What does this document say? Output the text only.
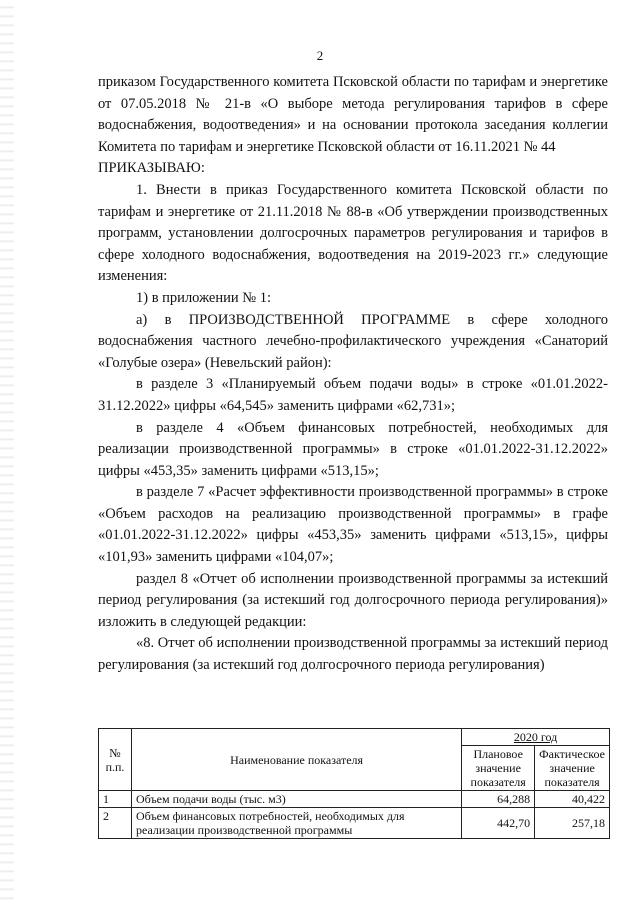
2

приказом Государственного комитета Псковской области по тарифам и энергетике от 07.05.2018 № 21-в «О выборе метода регулирования тарифов в сфере водоснабжения, водоотведения» и на основании протокола заседания коллегии Комитета по тарифам и энергетике Псковской области от 16.11.2021 № 44

ПРИКАЗЫВАЮ:

1. Внести в приказ Государственного комитета Псковской области по тарифам и энергетике от 21.11.2018 № 88-в «Об утверждении производственных программ, установлении долгосрочных параметров регулирования и тарифов в сфере холодного водоснабжения, водоотведения на 2019-2023 гг.» следующие изменения:

1) в приложении № 1:

а) в ПРОИЗВОДСТВЕННОЙ ПРОГРАММЕ в сфере холодного водоснабжения частного лечебно-профилактического учреждения «Санаторий «Голубые озера» (Невельский район):

в разделе 3 «Планируемый объем подачи воды» в строке «01.01.2022-31.12.2022» цифры «64,545» заменить цифрами «62,731»;

в разделе 4 «Объем финансовых потребностей, необходимых для реализации производственной программы» в строке «01.01.2022-31.12.2022» цифры «453,35» заменить цифрами «513,15»;

в разделе 7 «Расчет эффективности производственной программы» в строке «Объем расходов на реализацию производственной программы» в графе «01.01.2022-31.12.2022» цифры «453,35» заменить цифрами «513,15», цифры «101,93» заменить цифрами «104,07»;

раздел 8 «Отчет об исполнении производственной программы за истекший период регулирования (за истекший год долгосрочного периода регулирования)» изложить в следующей редакции:

«8. Отчет об исполнении производственной программы за истекший период регулирования (за истекший год долгосрочного периода регулирования)

№ п.п.	Наименование показателя	2020 год	
		Плановое значение показателя	Фактическое значение показателя
1	Объем подачи воды (тыс. м3)	64,288	40,422
2	Объем финансовых потребностей, необходимых для реализации производственной программы	442,70	257,18
